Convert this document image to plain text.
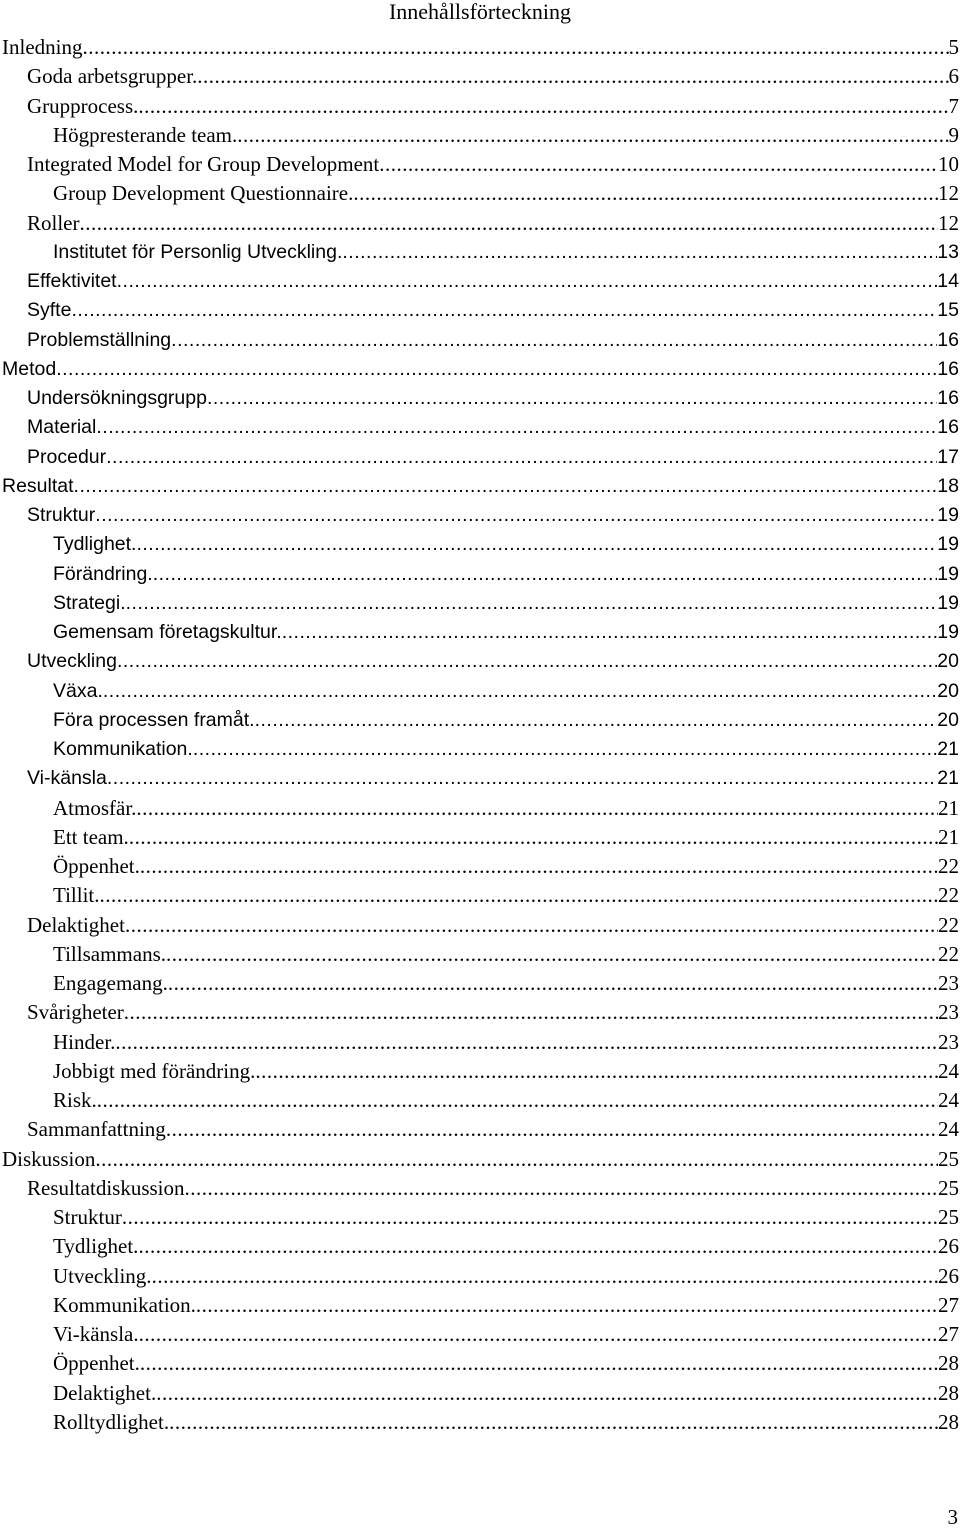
Innehållsförteckning
Inledning .....	5
Goda arbetsgrupper. .....	6
Grupprocess. .....	7
Högpresterande team. .....	9
Integrated Model for Group Development .....	10
Group Development Questionnaire. .....	12
Roller .....	12
Institutet för Personlig Utveckling. .....	13
Effektivitet .....	14
Syfte .....	15
Problemställning .....	16
Metod .....	16
Undersökningsgrupp .....	16
Material .....	16
Procedur .....	17
Resultat .....	18
Struktur .....	19
Tydlighet. .....	19
Förändring. .....	19
Strategi. .....	19
Gemensam företagskultur. .....	19
Utveckling .....	20
Växa. .....	20
Föra processen framåt. .....	20
Kommunikation. .....	21
Vi-känsla .....	21
Atmosfär. .....	21
Ett team. .....	21
Öppenhet. .....	22
Tillit. .....	22
Delaktighet .....	22
Tillsammans. .....	22
Engagemang. .....	23
Svårigheter .....	23
Hinder. .....	23
Jobbigt med förändring. .....	24
Risk. .....	24
Sammanfattning .....	24
Diskussion .....	25
Resultatdiskussion .....	25
Struktur .....	25
Tydlighet. .....	26
Utveckling. .....	26
Kommunikation. .....	27
Vi-känsla. .....	27
Öppenhet. .....	28
Delaktighet. .....	28
Rolltydlighet. .....	28
3
